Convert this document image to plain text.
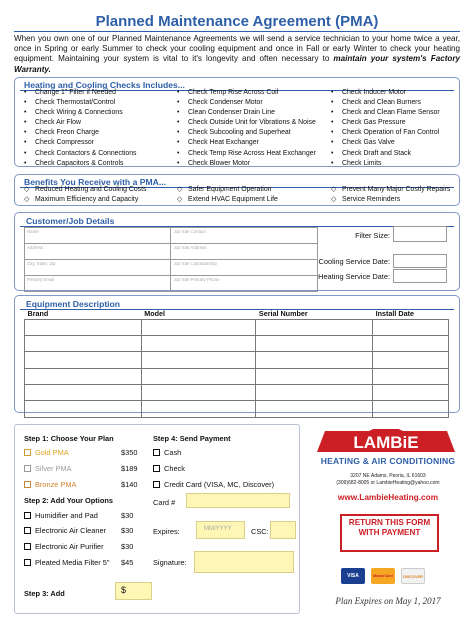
Planned Maintenance Agreement (PMA)
When you own one of our Planned Maintenance Agreements we will send a service technician to your home twice a year, once in Spring or early Summer to check your cooling equipment and once in Fall or early Winter to check your heating equipment. Maintaining your system is vital to it's longevity and often necessary to maintain your system's Factory Warranty.
Heating and Cooling Checks Includes...
• Change 1" Filter if Needed
• Check Thermostat/Control
• Check Wiring & Connections
• Check Air Flow
• Check Freon Charge
• Check Compressor
• Check Contactors & Connections
• Check Capacitors & Controls
• Check Temp Rise Across Coil
• Check Condenser Motor
• Clean Condenser Drain Line
• Check Outside Unit for Vibrations & Noise
• Check Subcooling and Superheat
• Check Heat Exchanger
• Check Temp Rise Across Heat Exchanger
• Check Blower Motor
• Check Inducer Motor
• Check and Clean Burners
• Check and Clean Flame Sensor
• Check Gas Pressure
• Check Operation of Fan Control
• Check Gas Valve
• Check Draft and Stack
• Check Limits
Benefits You Receive with a PMA...
◇ Reduced Heating and Cooling Costs
◇ Maximum Efficiency and Capacity
◇ Safer Equipment Operation
◇ Extend HVAC Equipment Life
◇ Prevent Many Major Costly Repairs
◇ Service Reminders
Customer/Job Details
Name	Job Site Contact
Address	Job Site Address
City, State, Zip	Job Site City/State/Zip
Primary Email	Job Site Primary Phone
Filter Size:
Cooling Service Date:
Heating Service Date:
Equipment Description
Brand	Model	Serial Number	Install Date

Step 1: Choose Your Plan
Gold PMA	$350
Silver PMA	$189
Bronze PMA	$140
Step 2: Add Your Options
Humidifier and Pad	$30
Electronic Air Cleaner $30
Electronic Air Purifier $30
Pleated Media Filter 5" $45
Step 3: Add	$
Step 4: Send Payment
Cash
Check
Credit Card (VISA, MC, Discover)
Card #
Expires:	MM/YYYY	CSC:
Signature:
LAMBiE
HEATING & AIR CONDITIONING
3207 NE Adams, Peoria, IL 61603
(309)682-8005 or LambieHeating@yahoo.com
www.LambieHeating.com
RETURN THIS FORM WITH PAYMENT
VISA	MasterCard	DISCOVER
Plan Expires on May 1, 2017
